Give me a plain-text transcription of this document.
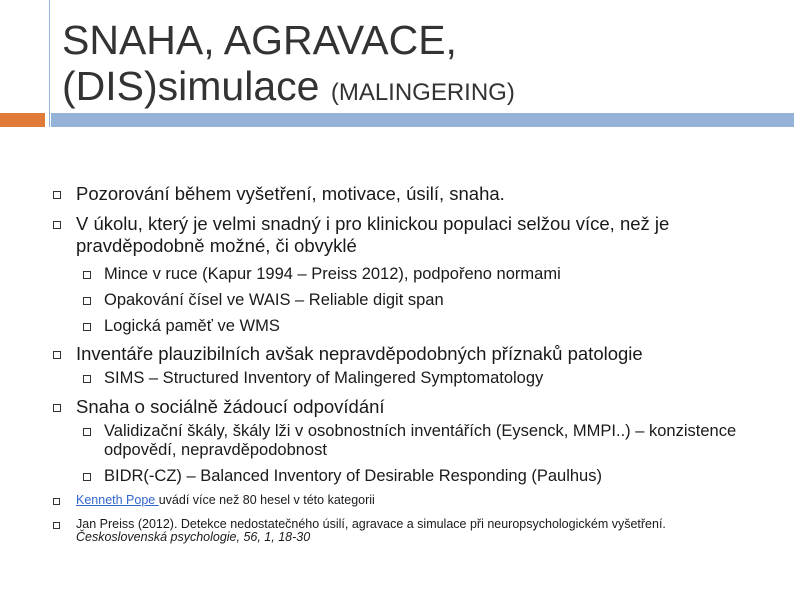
SNAHA, AGRAVACE,
(DIS)simulace (MALINGERING)
Pozorování během vyšetření, motivace, úsilí, snaha.
V úkolu, který je velmi snadný i pro klinickou populaci selžou více, než je pravděpodobně možné, či obvyklé
Mince v ruce (Kapur 1994 – Preiss 2012), podpořeno normami
Opakování čísel ve WAIS – Reliable digit span
Logická paměť ve WMS
Inventáře plauzibilních avšak nepravděpodobných příznaků patologie
SIMS – Structured Inventory of Malingered Symptomatology
Snaha o sociálně žádoucí odpovídání
Validizační škály, škály lži v osobnostních inventářích (Eysenck, MMPI..) – konzistence odpovědí, nepravděpodobnost
BIDR(-CZ) – Balanced Inventory of Desirable Responding (Paulhus)
Kenneth Pope uvádí více než 80 hesel v této kategorii
Jan Preiss (2012). Detekce nedostatečného úsilí, agravace a simulace při neuropsychologickém vyšetření. Československá psychologie, 56, 1, 18-30
